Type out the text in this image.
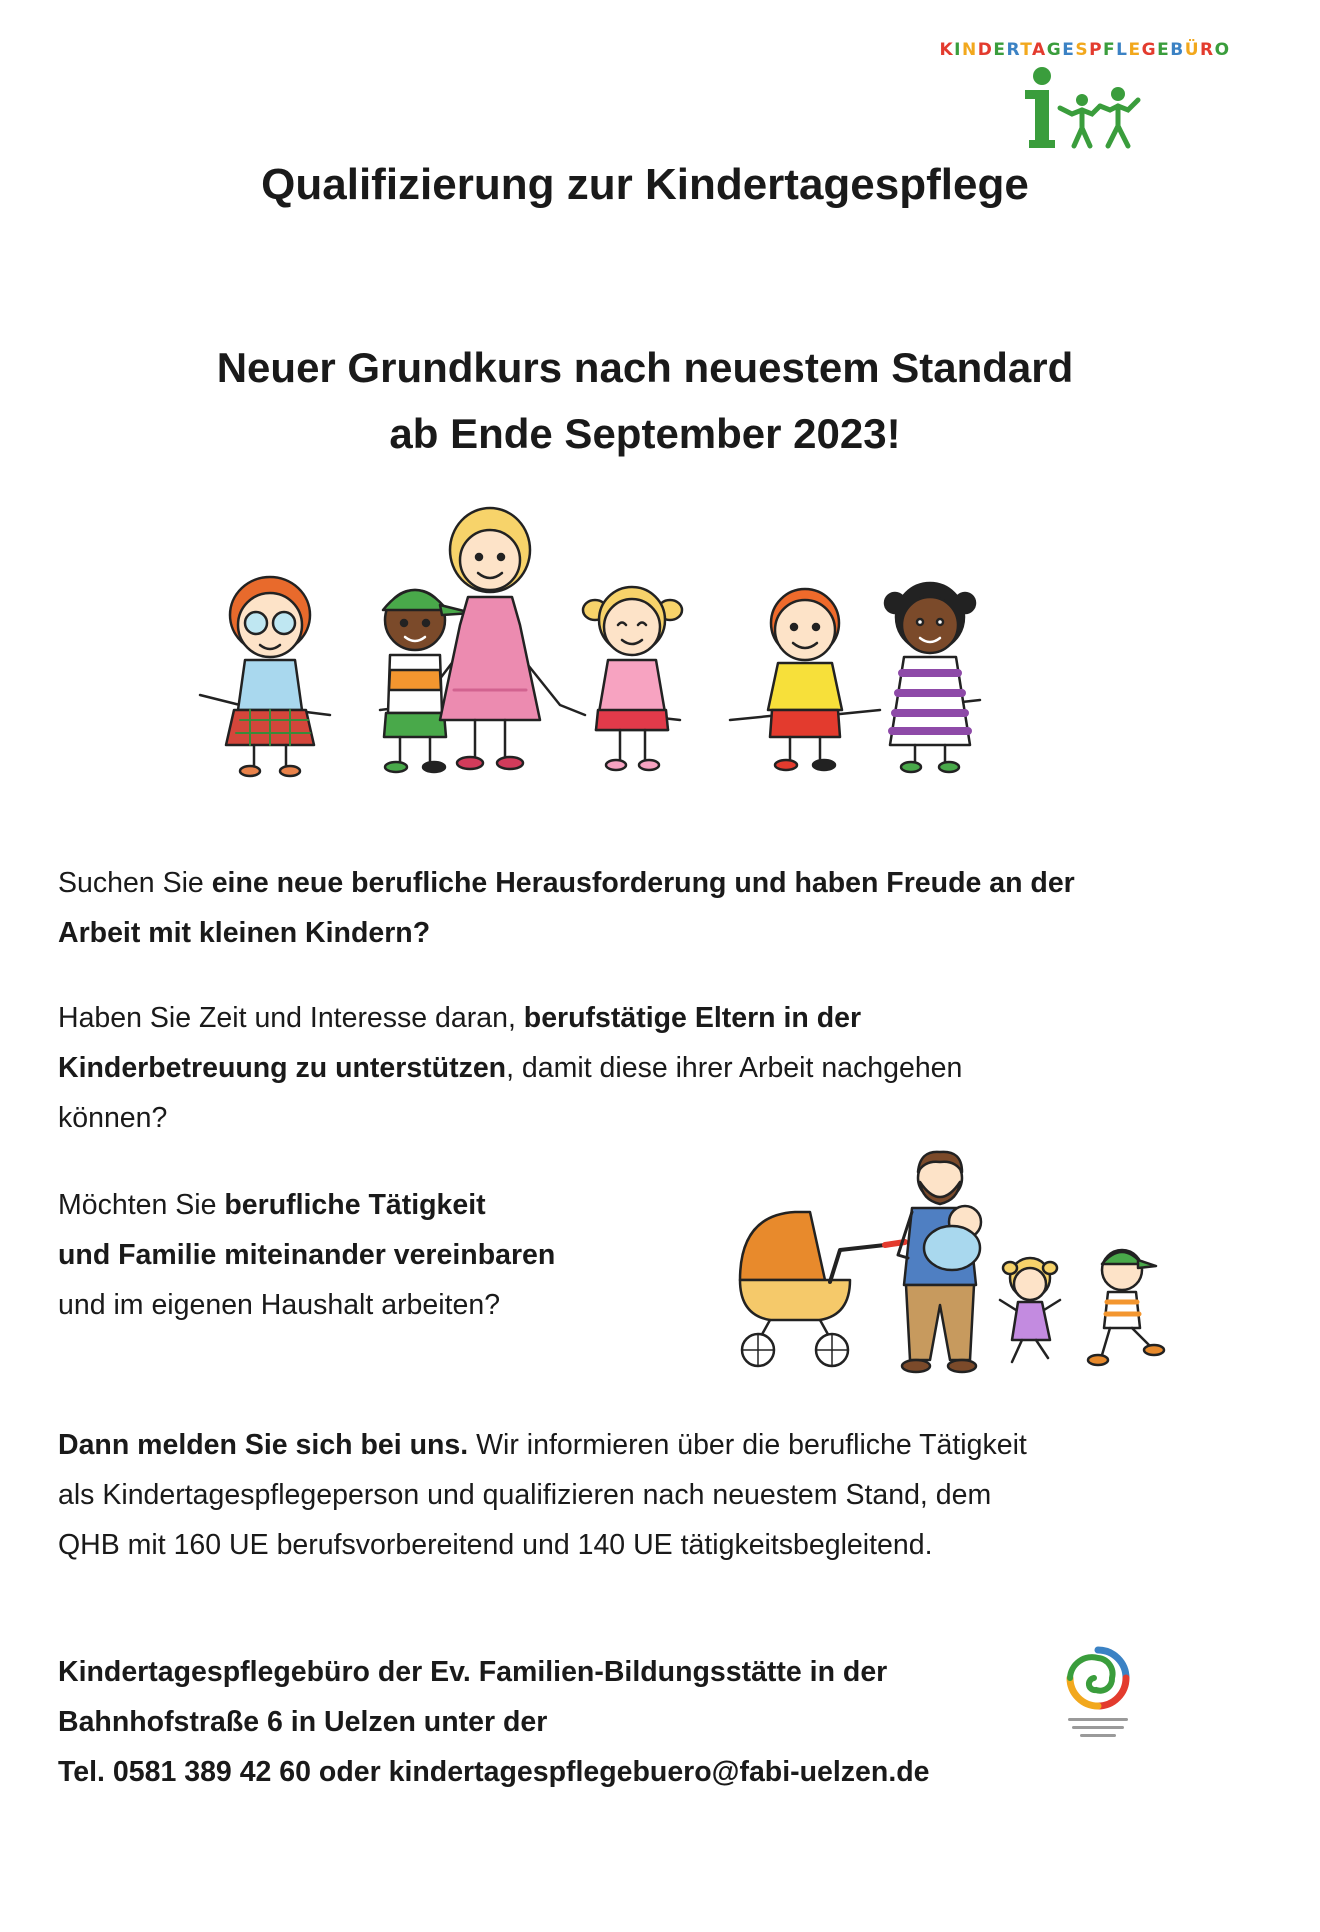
KINDERTAGESPFLEGEBÜRO
Qualifizierung zur Kindertagespflege
Neuer Grundkurs nach neuestem Standard
ab Ende September 2023!
Suchen Sie eine neue berufliche Herausforderung und haben Freude an der
Arbeit mit kleinen Kindern?
Haben Sie Zeit und Interesse daran, berufstätige Eltern in der
Kinderbetreuung zu unterstützen, damit diese ihrer Arbeit nachgehen
können?
Möchten Sie berufliche Tätigkeit
und Familie miteinander vereinbaren
und im eigenen Haushalt arbeiten?
Dann melden Sie sich bei uns. Wir informieren über die berufliche Tätigkeit
als Kindertagespflegeperson und qualifizieren nach neuestem Stand, dem
QHB mit 160 UE berufsvorbereitend und 140 UE tätigkeitsbegleitend.
Kindertagespflegebüro der Ev. Familien-Bildungsstätte in der
Bahnhofstraße 6 in Uelzen unter der
Tel. 0581 389 42 60 oder kindertagespflegebuero@fabi-uelzen.de
